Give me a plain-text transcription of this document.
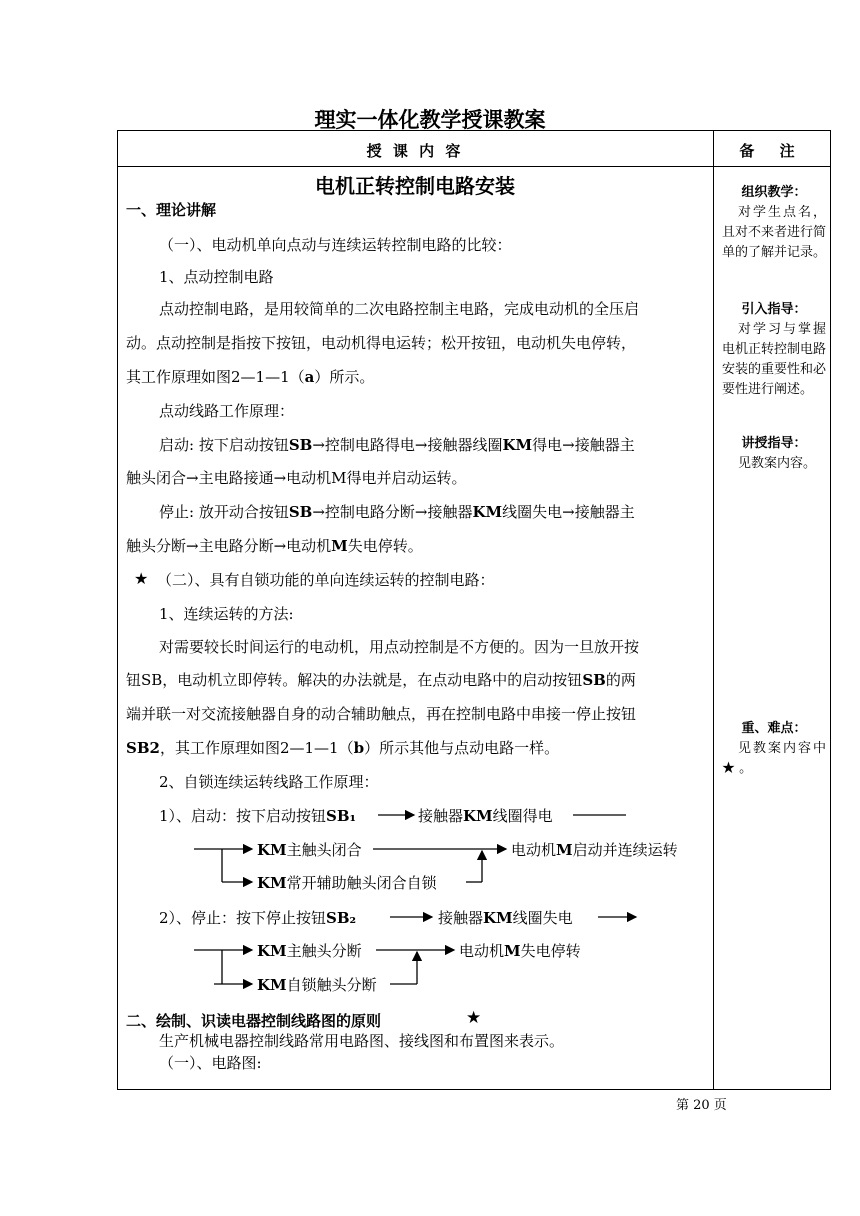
理实一体化教学授课教案
授 课 内 容	备 注
电机正转控制电路安装
一、理论讲解
（一）、电动机单向点动与连续运转控制电路的比较：
1、点动控制电路
点动控制电路，是用较简单的二次电路控制主电路，完成电动机的全压启
动。点动控制是指按下按钮，电动机得电运转；松开按钮，电动机失电停转，
其工作原理如图2—1—1（a）所示。
点动线路工作原理：
启动: 按下启动按钮SB→控制电路得电→接触器线圈KM得电→接触器主
触头闭合→主电路接通→电动机M得电并启动运转。
停止: 放开动合按钮SB→控制电路分断→接触器KM线圈失电→接触器主
触头分断→主电路分断→电动机M失电停转。
★ （二）、具有自锁功能的单向连续运转的控制电路：
1、连续运转的方法:
对需要较长时间运行的电动机，用点动控制是不方便的。因为一旦放开按
钮SB，电动机立即停转。解决的办法就是，在点动电路中的启动按钮SB的两
端并联一对交流接触器自身的动合辅助触点，再在控制电路中串接一停止按钮
SB2，其工作原理如图2—1—1（b）所示其他与点动电路一样。
2、自锁连续运转线路工作原理：
1）、启动：按下启动按钮SB₁	接触器KM线圈得电
KM主触头闭合	电动机M启动并连续运转
KM常开辅助触头闭合自锁
2）、停止：按下停止按钮SB₂	接触器KM线圈失电
KM主触头分断	电动机M失电停转
KM自锁触头分断
二、绘制、识读电器控制线路图的原则	★
生产机械电器控制线路常用电路图、接线图和布置图来表示。
（一）、电路图:
组织教学：
对学生点名，且对不来者进行简单的了解并记录。
引入指导：
对学习与掌握电机正转控制电路安装的重要性和必要性进行阐述。
讲授指导：
见教案内容。
重、难点：
见教案内容中 ★ 。
第 20 页
